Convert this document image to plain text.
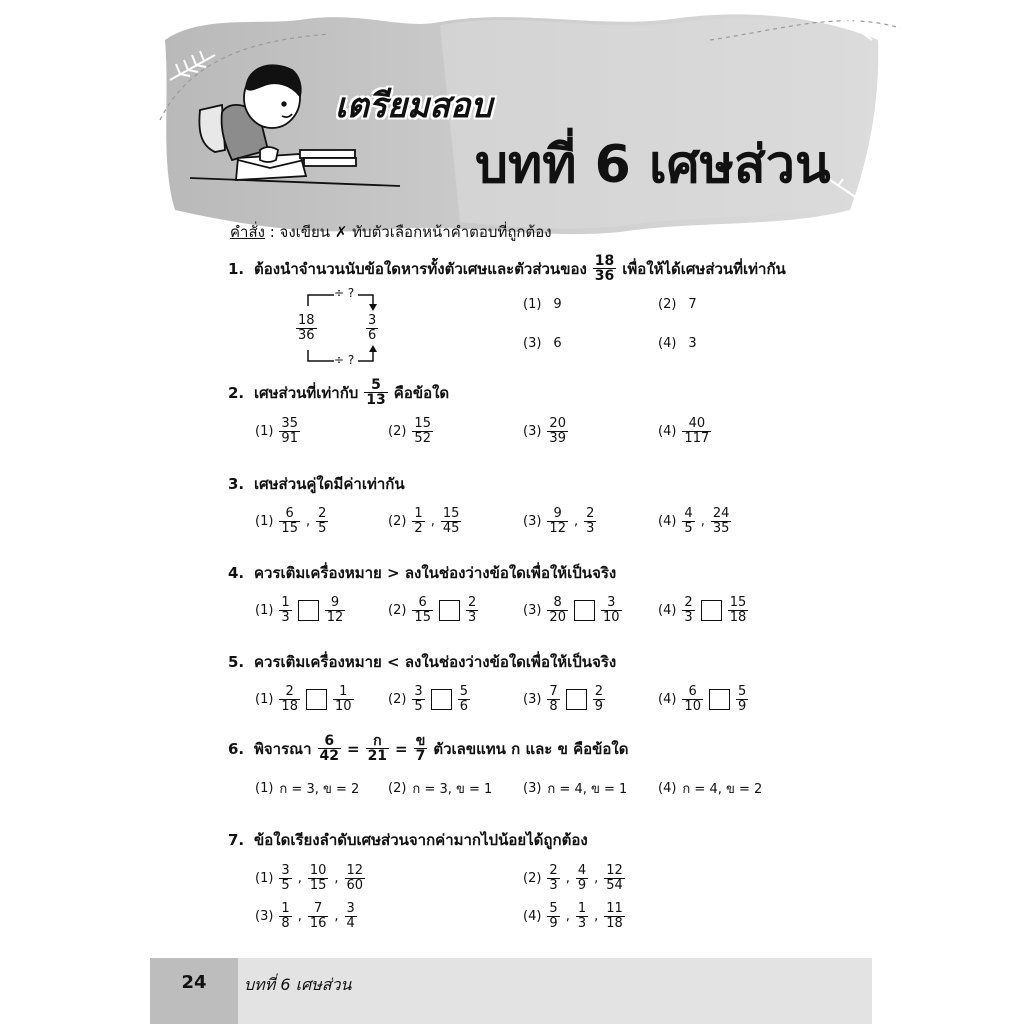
เตรียมสอบ
บทที่ 6 เศษส่วน
คำสั่ง : จงเขียน ✗ ทับตัวเลือกหน้าคำตอบที่ถูกต้อง
1. ต้องนำจำนวนนับข้อใดหารทั้งตัวเศษและตัวส่วนของ $\frac{18}{36}$ เพื่อให้ได้เศษส่วนที่เท่ากัน
÷ ?
÷ ?
$\frac{18}{36}$	$\frac{3}{6}$
(1) 9	(2) 7
(3) 6	(4) 3
2. เศษส่วนที่เท่ากับ $\frac{5}{13}$ คือข้อใด
$(1) \frac{35}{91}$	$(2) \frac{15}{52}$	$(3) \frac{20}{39}$	$(4) \frac{40}{117}$
3. เศษส่วนคู่ใดมีค่าเท่ากัน
$(1) \frac{6}{15}$ , $\frac{2}{5}$	$(2) \frac{1}{2}$ , $\frac{15}{45}$	$(3) \frac{9}{12}$ , $\frac{2}{3}$	$(4) \frac{4}{5}$ , $\frac{24}{35}$
4. ควรเติมเครื่องหมาย > ลงในช่องว่างข้อใดเพื่อให้เป็นจริง
$(1) \frac{1}{3}$	$\frac{9}{12}$	$(2) \frac{6}{15}$	$\frac{2}{3}$	$(3) \frac{8}{20}$	$\frac{3}{10}$	$(4) \frac{2}{3}$	$\frac{15}{18}$
5. ควรเติมเครื่องหมาย < ลงในช่องว่างข้อใดเพื่อให้เป็นจริง
$(1) \frac{2}{18}$	$\frac{1}{10}$	$(2) \frac{3}{5}$	$\frac{5}{6}$	$(3) \frac{7}{8}$	$\frac{2}{9}$	$(4) \frac{6}{10}$	$\frac{5}{9}$
6. พิจารณา $\frac{6}{42} = \frac{\text{ก}}{21} = \frac{\text{ข}}{7}$ ตัวเลขแทน ก และ ข คือข้อใด
(1) ก = 3, ข = 2 (2) ก = 3, ข = 1 (3) ก = 4, ข = 1 (4) ก = 4, ข = 2
7. ข้อใดเรียงลำดับเศษส่วนจากค่ามากไปน้อยได้ถูกต้อง
$(1) \frac{3}{5}$ , $\frac{10}{15}$ , $\frac{12}{60}$	$(2) \frac{2}{3}$ , $\frac{4}{9}$ , $\frac{12}{54}$
$(3) \frac{1}{8}$ , $\frac{7}{16}$ , $\frac{3}{4}$	$(4) \frac{5}{9}$ , $\frac{1}{3}$ , $\frac{11}{18}$
24	บทที่ 6 เศษส่วน
